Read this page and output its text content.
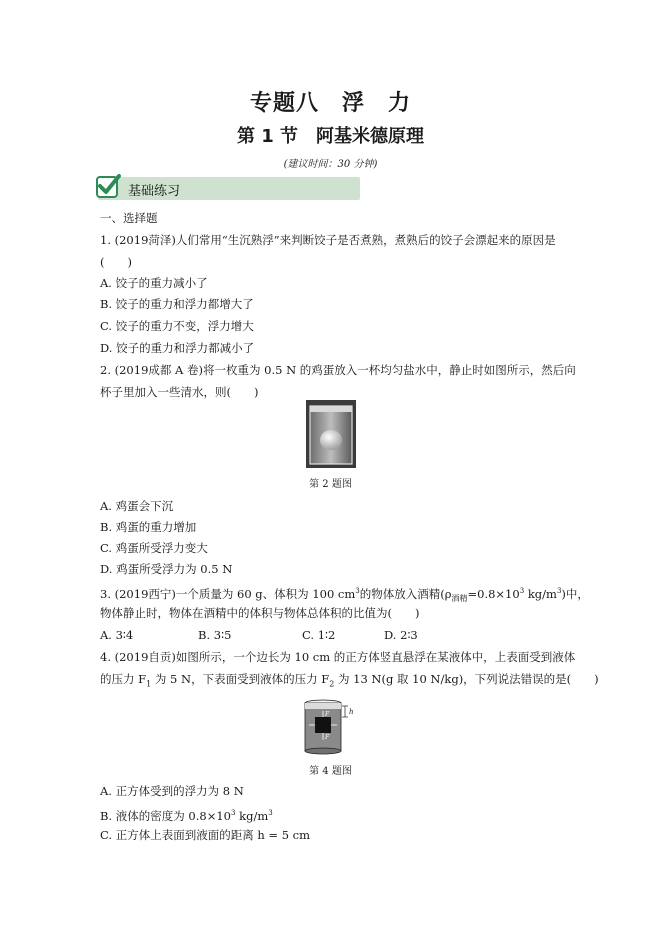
专题八　浮　力
第 1 节　阿基米德原理
(建议时间：30 分钟)
基础练习
一、选择题
1. (2019菏泽)人们常用“生沉熟浮”来判断饺子是否煮熟，煮熟后的饺子会漂起来的原因是
(　　)
A. 饺子的重力减小了
B. 饺子的重力和浮力都增大了
C. 饺子的重力不变，浮力增大
D. 饺子的重力和浮力都减小了
2. (2019成都 A 卷)将一枚重为 0.5 N 的鸡蛋放入一杯均匀盐水中，静止时如图所示，然后向
杯子里加入一些清水，则(　　)
第 2 题图
A. 鸡蛋会下沉
B. 鸡蛋的重力增加
C. 鸡蛋所受浮力变大
D. 鸡蛋所受浮力为 0.5 N
3. (2019西宁)一个质量为 60 g、体积为 100 $cm^3$的物体放入酒精($\rho_{酒精}=0.8\times 10^3$ $kg/m^3$)中，
物体静止时，物体在酒精中的体积与物体总体积的比值为(　　)
A. 3∶4	B. 3∶5	C. 1∶2	D. 2∶3
4. (2019自贡)如图所示，一个边长为 10 cm 的正方体竖直悬浮在某液体中，上表面受到液体
的压力 $F_1$ 为 5 N，下表面受到液体的压力 $F_2$ 为 13 N(g 取 10 N/kg)，下列说法错误的是(　　)
h
F
F
第 4 题图
A. 正方体受到的浮力为 8 N
B. 液体的密度为 $0.8\times 10^3$ $kg/m^3$
C. 正方体上表面到液面的距离 h = 5 cm
